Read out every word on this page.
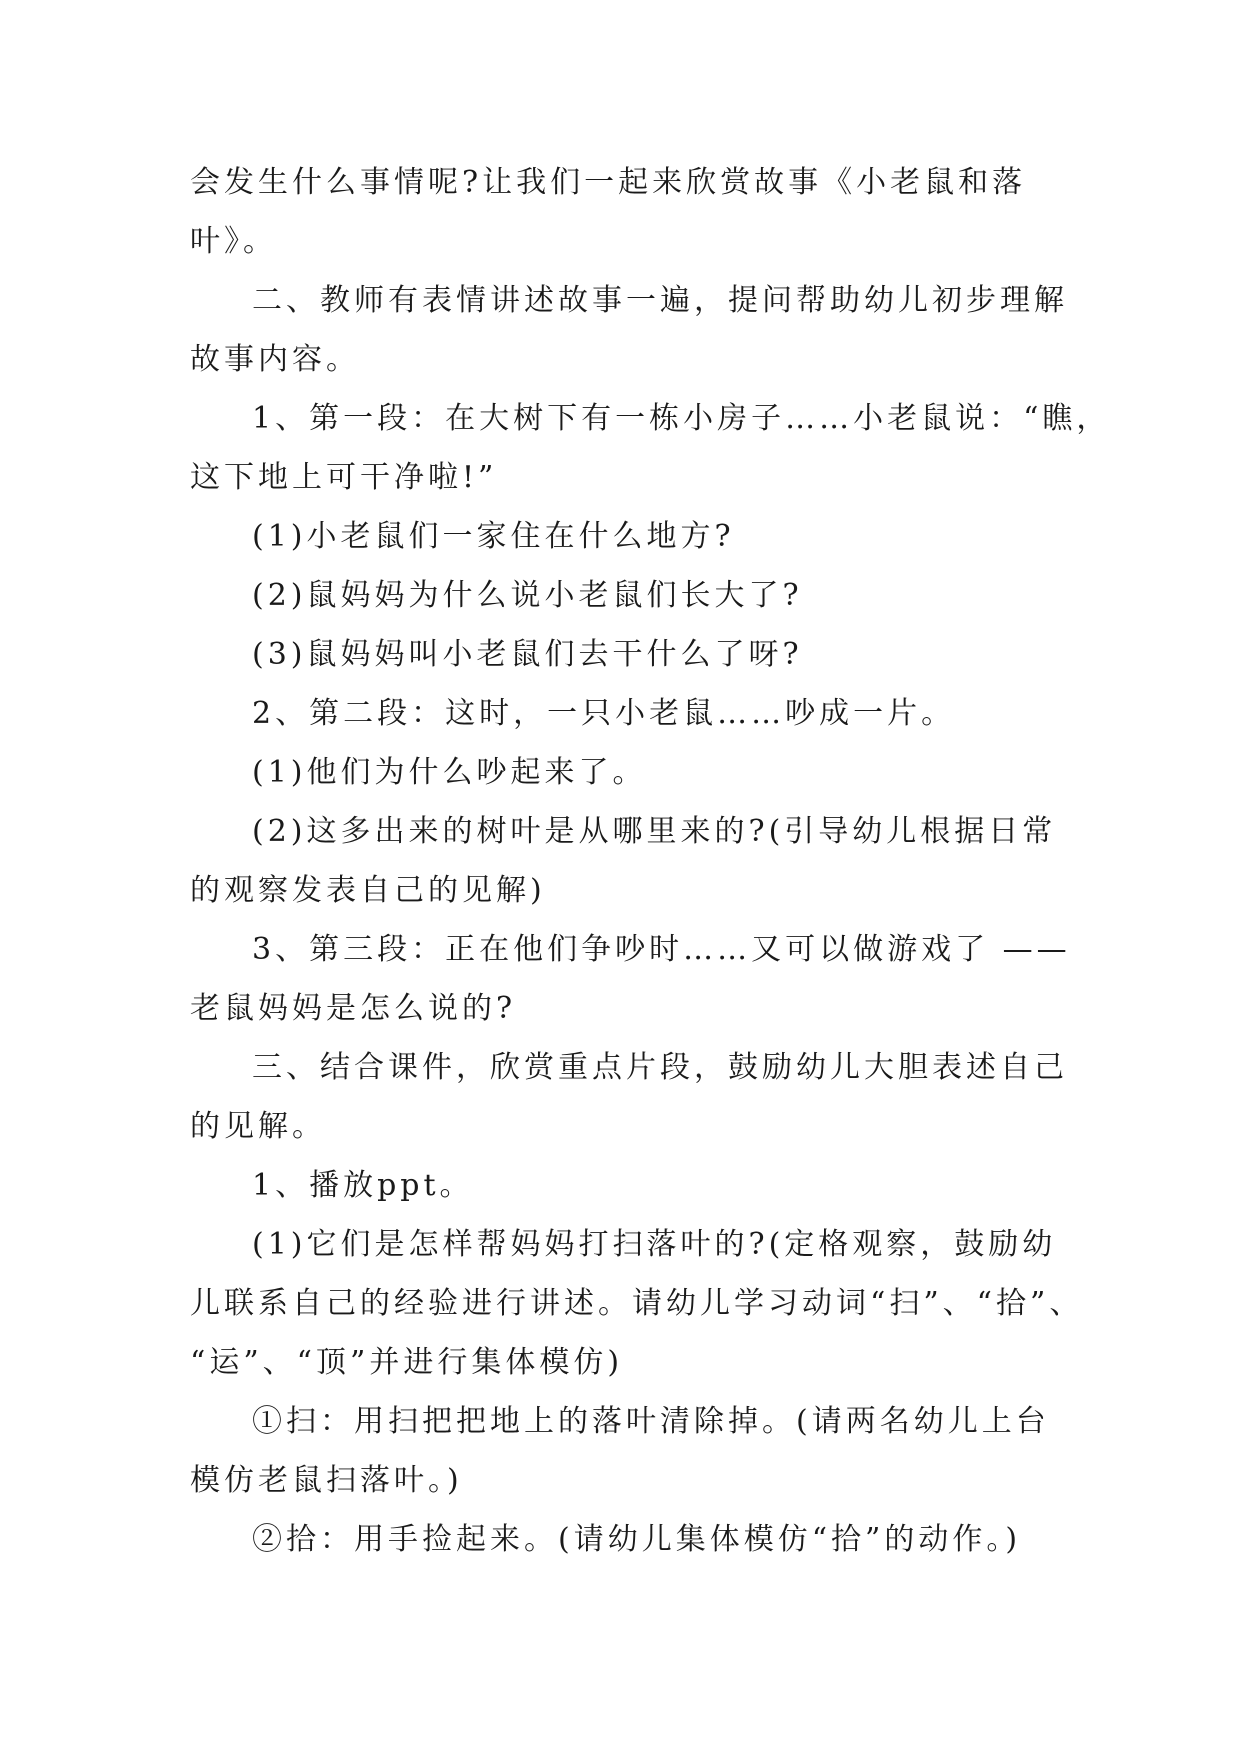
会发生什么事情呢?让我们一起来欣赏故事《小老鼠和落

叶》。

二、教师有表情讲述故事一遍，提问帮助幼儿初步理解

故事内容。

1、第一段：在大树下有一栋小房子……小老鼠说：“瞧，

这下地上可干净啦!”

(1)小老鼠们一家住在什么地方?

(2)鼠妈妈为什么说小老鼠们长大了?

(3)鼠妈妈叫小老鼠们去干什么了呀?

2、第二段：这时，一只小老鼠……吵成一片。

(1)他们为什么吵起来了。

(2)这多出来的树叶是从哪里来的?(引导幼儿根据日常

的观察发表自己的见解)

3、第三段：正在他们争吵时……又可以做游戏了 ——

老鼠妈妈是怎么说的?

三、结合课件，欣赏重点片段，鼓励幼儿大胆表述自己

的见解。

1、播放ppt。

(1)它们是怎样帮妈妈打扫落叶的?(定格观察，鼓励幼

儿联系自己的经验进行讲述。请幼儿学习动词“扫”、“拾”、

“运”、“顶”并进行集体模仿)

①扫：用扫把把地上的落叶清除掉。(请两名幼儿上台

模仿老鼠扫落叶。)

②拾：用手捡起来。(请幼儿集体模仿“拾”的动作。)
